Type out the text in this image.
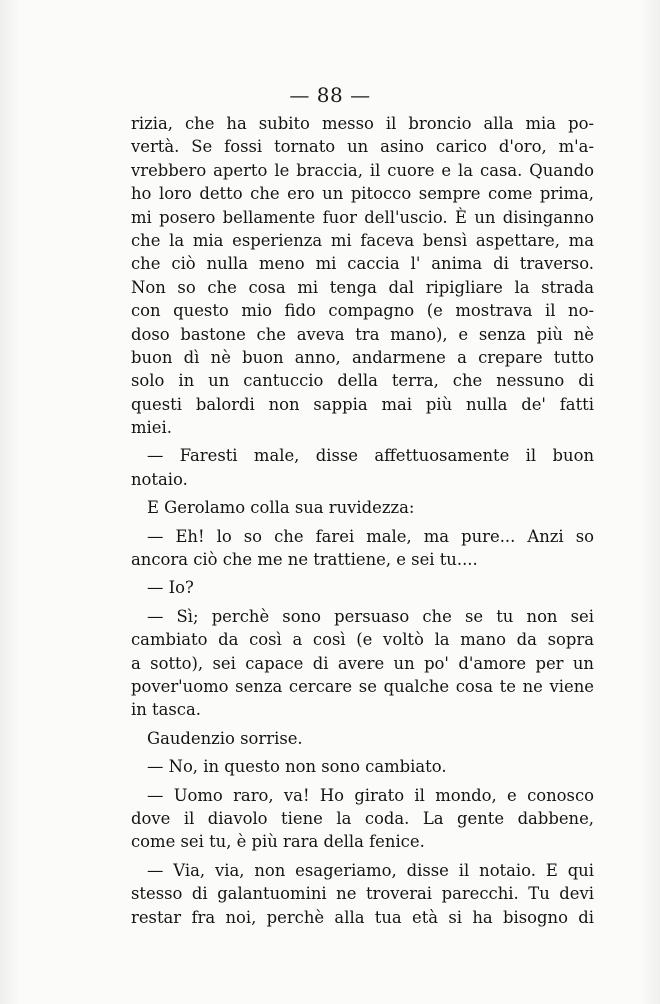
— 88 —
rizia, che ha subito messo il broncio alla mia po-
vertà. Se fossi tornato un asino carico d'oro, m'a-
vrebbero aperto le braccia, il cuore e la casa. Quando
ho loro detto che ero un pitocco sempre come prima,
mi posero bellamente fuor dell'uscio. È un disinganno
che la mia esperienza mi faceva bensì aspettare, ma
che ciò nulla meno mi caccia l' anima di traverso.
Non so che cosa mi tenga dal ripigliare la strada
con questo mio fido compagno (e mostrava il no-
doso bastone che aveva tra mano), e senza più nè
buon dì nè buon anno, andarmene a crepare tutto
solo in un cantuccio della terra, che nessuno di
questi balordi non sappia mai più nulla de' fatti
miei.
— Faresti male, disse affettuosamente il buon
notaio.
E Gerolamo colla sua ruvidezza:
— Eh! lo so che farei male, ma pure... Anzi so
ancora ciò che me ne trattiene, e sei tu....
— Io?
— Sì; perchè sono persuaso che se tu non sei
cambiato da così a così (e voltò la mano da sopra
a sotto), sei capace di avere un po' d'amore per un
pover'uomo senza cercare se qualche cosa te ne viene
in tasca.
Gaudenzio sorrise.
— No, in questo non sono cambiato.
— Uomo raro, va! Ho girato il mondo, e conosco
dove il diavolo tiene la coda. La gente dabbene,
come sei tu, è più rara della fenice.
— Via, via, non esageriamo, disse il notaio. E qui
stesso di galantuomini ne troverai parecchi. Tu devi
restar fra noi, perchè alla tua età si ha bisogno di
